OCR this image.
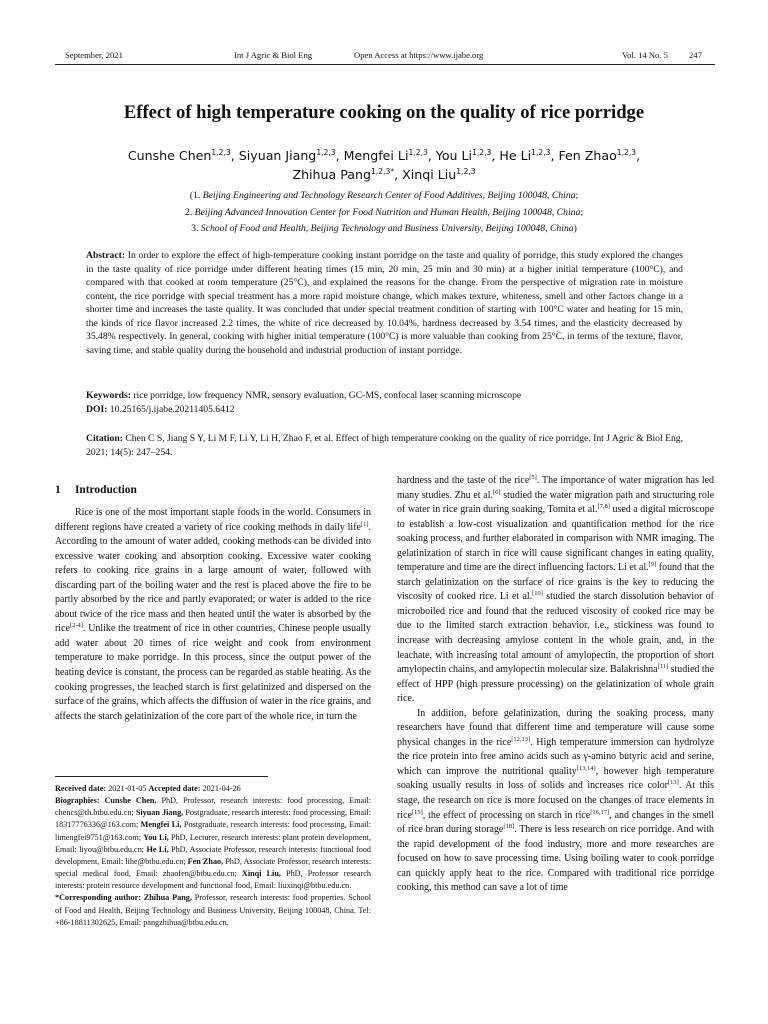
September, 2021	Int J Agric & Biol Eng	Open Access at https://www.ijabe.org	Vol. 14 No. 5 247
Effect of high temperature cooking on the quality of rice porridge
Cunshe Chen$^{1,2,3}$, Siyuan Jiang$^{1,2,3}$, Mengfei Li$^{1,2,3}$, You Li$^{1,2,3}$, He Li$^{1,2,3}$, Fen Zhao$^{1,2,3}$,
Zhihua Pang$^{1,2,3*}$, Xinqi Liu$^{1,2,3}$
(1. Beijing Engineering and Technology Research Center of Food Additives, Beijing 100048, China;
2. Beijing Advanced Innovation Center for Food Nutrition and Human Health, Beijing 100048, China;
3. School of Food and Health, Beijing Technology and Business University, Beijing 100048, China)
Abstract: In order to explore the effect of high-temperature cooking instant porridge on the taste and quality of porridge, this study explored the changes in the taste quality of rice porridge under different heating times (15 min, 20 min, 25 min and 30 min) at a higher initial temperature (100°C), and compared with that cooked at room temperature (25°C), and explained the reasons for the change. From the perspective of migration rate in moisture content, the rice porridge with special treatment has a more rapid moisture change, which makes texture, whiteness, smell and other factors change in a shorter time and increases the taste quality. It was concluded that under special treatment condition of starting with 100°C water and heating for 15 min, the kinds of rice flavor increased 2.2 times, the white of rice decreased by 10.04%, hardness decreased by 3.54 times, and the elasticity decreased by 35.48% respectively. In general, cooking with higher initial temperature (100°C) is more valuable than cooking from 25°C, in terms of the texture, flavor, saving time, and stable quality during the household and industrial production of instant porridge.
Keywords: rice porridge, low frequency NMR, sensory evaluation, GC-MS, confocal laser scanning microscope
DOI: 10.25165/j.ijabe.20211405.6412
Citation: Chen C S, Jiang S Y, Li M F, Li Y, Li H, Zhao F, et al. Effect of high temperature cooking on the quality of rice porridge. Int J Agric & Biol Eng, 2021; 14(5): 247–254.
1 Introduction

Rice is one of the most important staple foods in the world. Consumers in different regions have created a variety of rice cooking methods in daily life[1]. According to the amount of water added, cooking methods can be divided into excessive water cooking and absorption cooking. Excessive water cooking refers to cooking rice grains in a large amount of water, followed with discarding part of the boiling water and the rest is placed above the fire to be partly absorbed by the rice and partly evaporated; or water is added to the rice about twice of the rice mass and then heated until the water is absorbed by the rice[2-4]. Unlike the treatment of rice in other countries, Chinese people usually add water about 20 times of rice weight and cook from environment temperature to make porridge. In this process, since the output power of the heating device is constant, the process can be regarded as stable heating. As the cooking progresses, the leached starch is first gelatinized and dispersed on the surface of the grains, which affects the diffusion of water in the rice grains, and affects the starch gelatinization of the core part of the whole rice, in turn the

hardness and the taste of the rice[5]. The importance of water migration has led many studies. Zhu et al.[6] studied the water migration path and structuring role of water in rice grain during soaking, Tomita et al.[7,8] used a digital microscope to establish a low-cost visualization and quantification method for the rice soaking process, and further elaborated in comparison with NMR imaging. The gelatinization of starch in rice will cause significant changes in eating quality, temperature and time are the direct influencing factors. Li et al.[9] found that the starch gelatinization on the surface of rice grains is the key to reducing the viscosity of cooked rice. Li et al.[10] studied the starch dissolution behavior of microboiled rice and found that the reduced viscosity of cooked rice may be due to the limited starch extraction behavior, i.e., stickiness was found to increase with decreasing amylose content in the whole grain, and, in the leachate, with increasing total amount of amylopectin, the proportion of short amylopectin chains, and amylopectin molecular size. Balakrishna[11] studied the effect of HPP (high pressure processing) on the gelatinization of whole grain rice.

In addition, before gelatinization, during the soaking process, many researchers have found that different time and temperature will cause some physical changes in the rice[12,13]. High temperature immersion can hydrolyze the rice protein into free amino acids such as γ-amino butyric acid and serine, which can improve the nutritional quality[13,14], however high temperature soaking usually results in loss of solids and increases rice color[13]. At this stage, the research on rice is more focused on the changes of trace elements in rice[15], the effect of processing on starch in rice[16,17], and changes in the smell of rice bran during storage[18]. There is less research on rice porridge. And with the rapid development of the food industry, more and more researches are focused on how to save processing time. Using boiling water to cook porridge can quickly apply heat to the rice. Compared with traditional rice porridge cooking, this method can save a lot of time

Received date: 2021-01-05 Accepted date: 2021-04-26

Biographies: Cunshe Chen, PhD, Professor, research interests: food processing, Email: chencs@th.btbu.edu.cn; Siyuan Jiang, Postgraduate, research interests: food processing, Email: 18317776336@163.com; Mengfei Li, Postgraduate, research interests: food processing, Email: limengfei9751@163.com; You Li, PhD, Lecturer, research interests: plant protein development, Email: liyou@btbu.edu.cn; He Li, PhD, Associate Professor, research interests: functional food development, Email: lihe@btbu.edu.cn; Fen Zhao, PhD, Associate Professor, research interests: special medical food, Email: zhaofen@btbu.edu.cn; Xinqi Liu, PhD, Professor research interests: protein resource development and functional food, Email: liuxinqi@btbu.edu.cn.

*Corresponding author: Zhihua Pang, Professor, research interests: food properties. School of Food and Health, Beijing Technology and Business University, Beijing 100048, China. Tel: +86-18811302625, Email: pangzhihua@btbu.edu.cn.
